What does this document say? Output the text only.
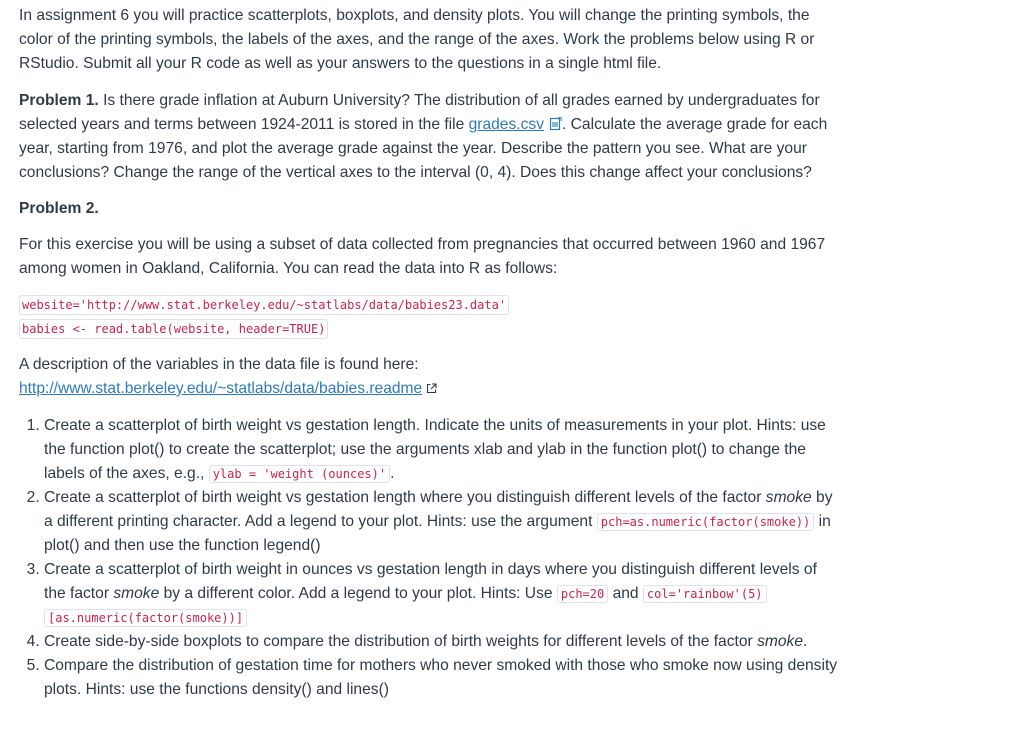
In assignment 6 you will practice scatterplots, boxplots, and density plots. You will change the printing symbols, the color of the printing symbols, the labels of the axes, and the range of the axes. Work the problems below using R or RStudio. Submit all your R code as well as your answers to the questions in a single html file.

Problem 1. Is there grade inflation at Auburn University? The distribution of all grades earned by undergraduates for selected years and terms between 1924-2011 is stored in the file grades.csv . Calculate the average grade for each year, starting from 1976, and plot the average grade against the year. Describe the pattern you see. What are your conclusions? Change the range of the vertical axes to the interval (0, 4). Does this change affect your conclusions?

Problem 2.

For this exercise you will be using a subset of data collected from pregnancies that occurred between 1960 and 1967 among women in Oakland, California. You can read the data into R as follows:

website='http://www.stat.berkeley.edu/~statlabs/data/babies23.data'
babies <- read.table(website, header=TRUE)

A description of the variables in the data file is found here:
http://www.stat.berkeley.edu/~statlabs/data/babies.readme

1. Create a scatterplot of birth weight vs gestation length. Indicate the units of measurements in your plot. Hints: use the function plot() to create the scatterplot; use the arguments xlab and ylab in the function plot() to change the labels of the axes, e.g., ylab = 'weight (ounces)' .
2. Create a scatterplot of birth weight vs gestation length where you distinguish different levels of the factor smoke by a different printing character. Add a legend to your plot. Hints: use the argument pch=as.numeric(factor(smoke)) in plot() and then use the function legend()
3. Create a scatterplot of birth weight in ounces vs gestation length in days where you distinguish different levels of the factor smoke by a different color. Add a legend to your plot. Hints: Use pch=20 and col='rainbow'(5) [as.numeric(factor(smoke))]
4. Create side-by-side boxplots to compare the distribution of birth weights for different levels of the factor smoke.
5. Compare the distribution of gestation time for mothers who never smoked with those who smoke now using density plots. Hints: use the functions density() and lines()
